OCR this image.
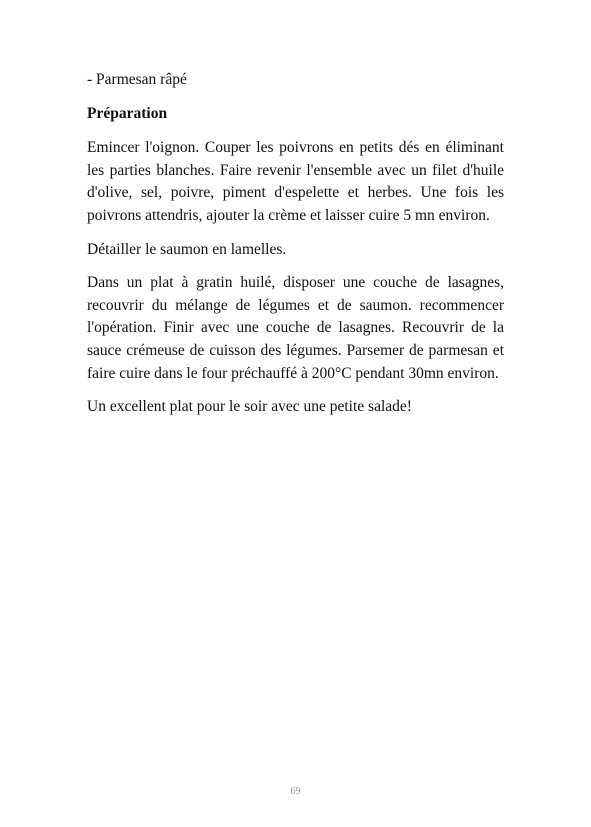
- Parmesan râpé

Préparation

Emincer l'oignon. Couper les poivrons en petits dés en éliminant les parties blanches. Faire revenir l'ensemble avec un filet d'huile d'olive, sel, poivre, piment d'espelette et herbes. Une fois les poivrons attendris, ajouter la crème et laisser cuire 5 mn environ.

Détailler le saumon en lamelles.

Dans un plat à gratin huilé, disposer une couche de lasagnes, recouvrir du mélange de légumes et de saumon. recommencer l'opération. Finir avec une couche de lasagnes. Recouvrir de la sauce crémeuse de cuisson des légumes. Parsemer de parmesan et faire cuire dans le four préchauffé à 200°C pendant 30mn environ.

Un excellent plat pour le soir avec une petite salade!

69
